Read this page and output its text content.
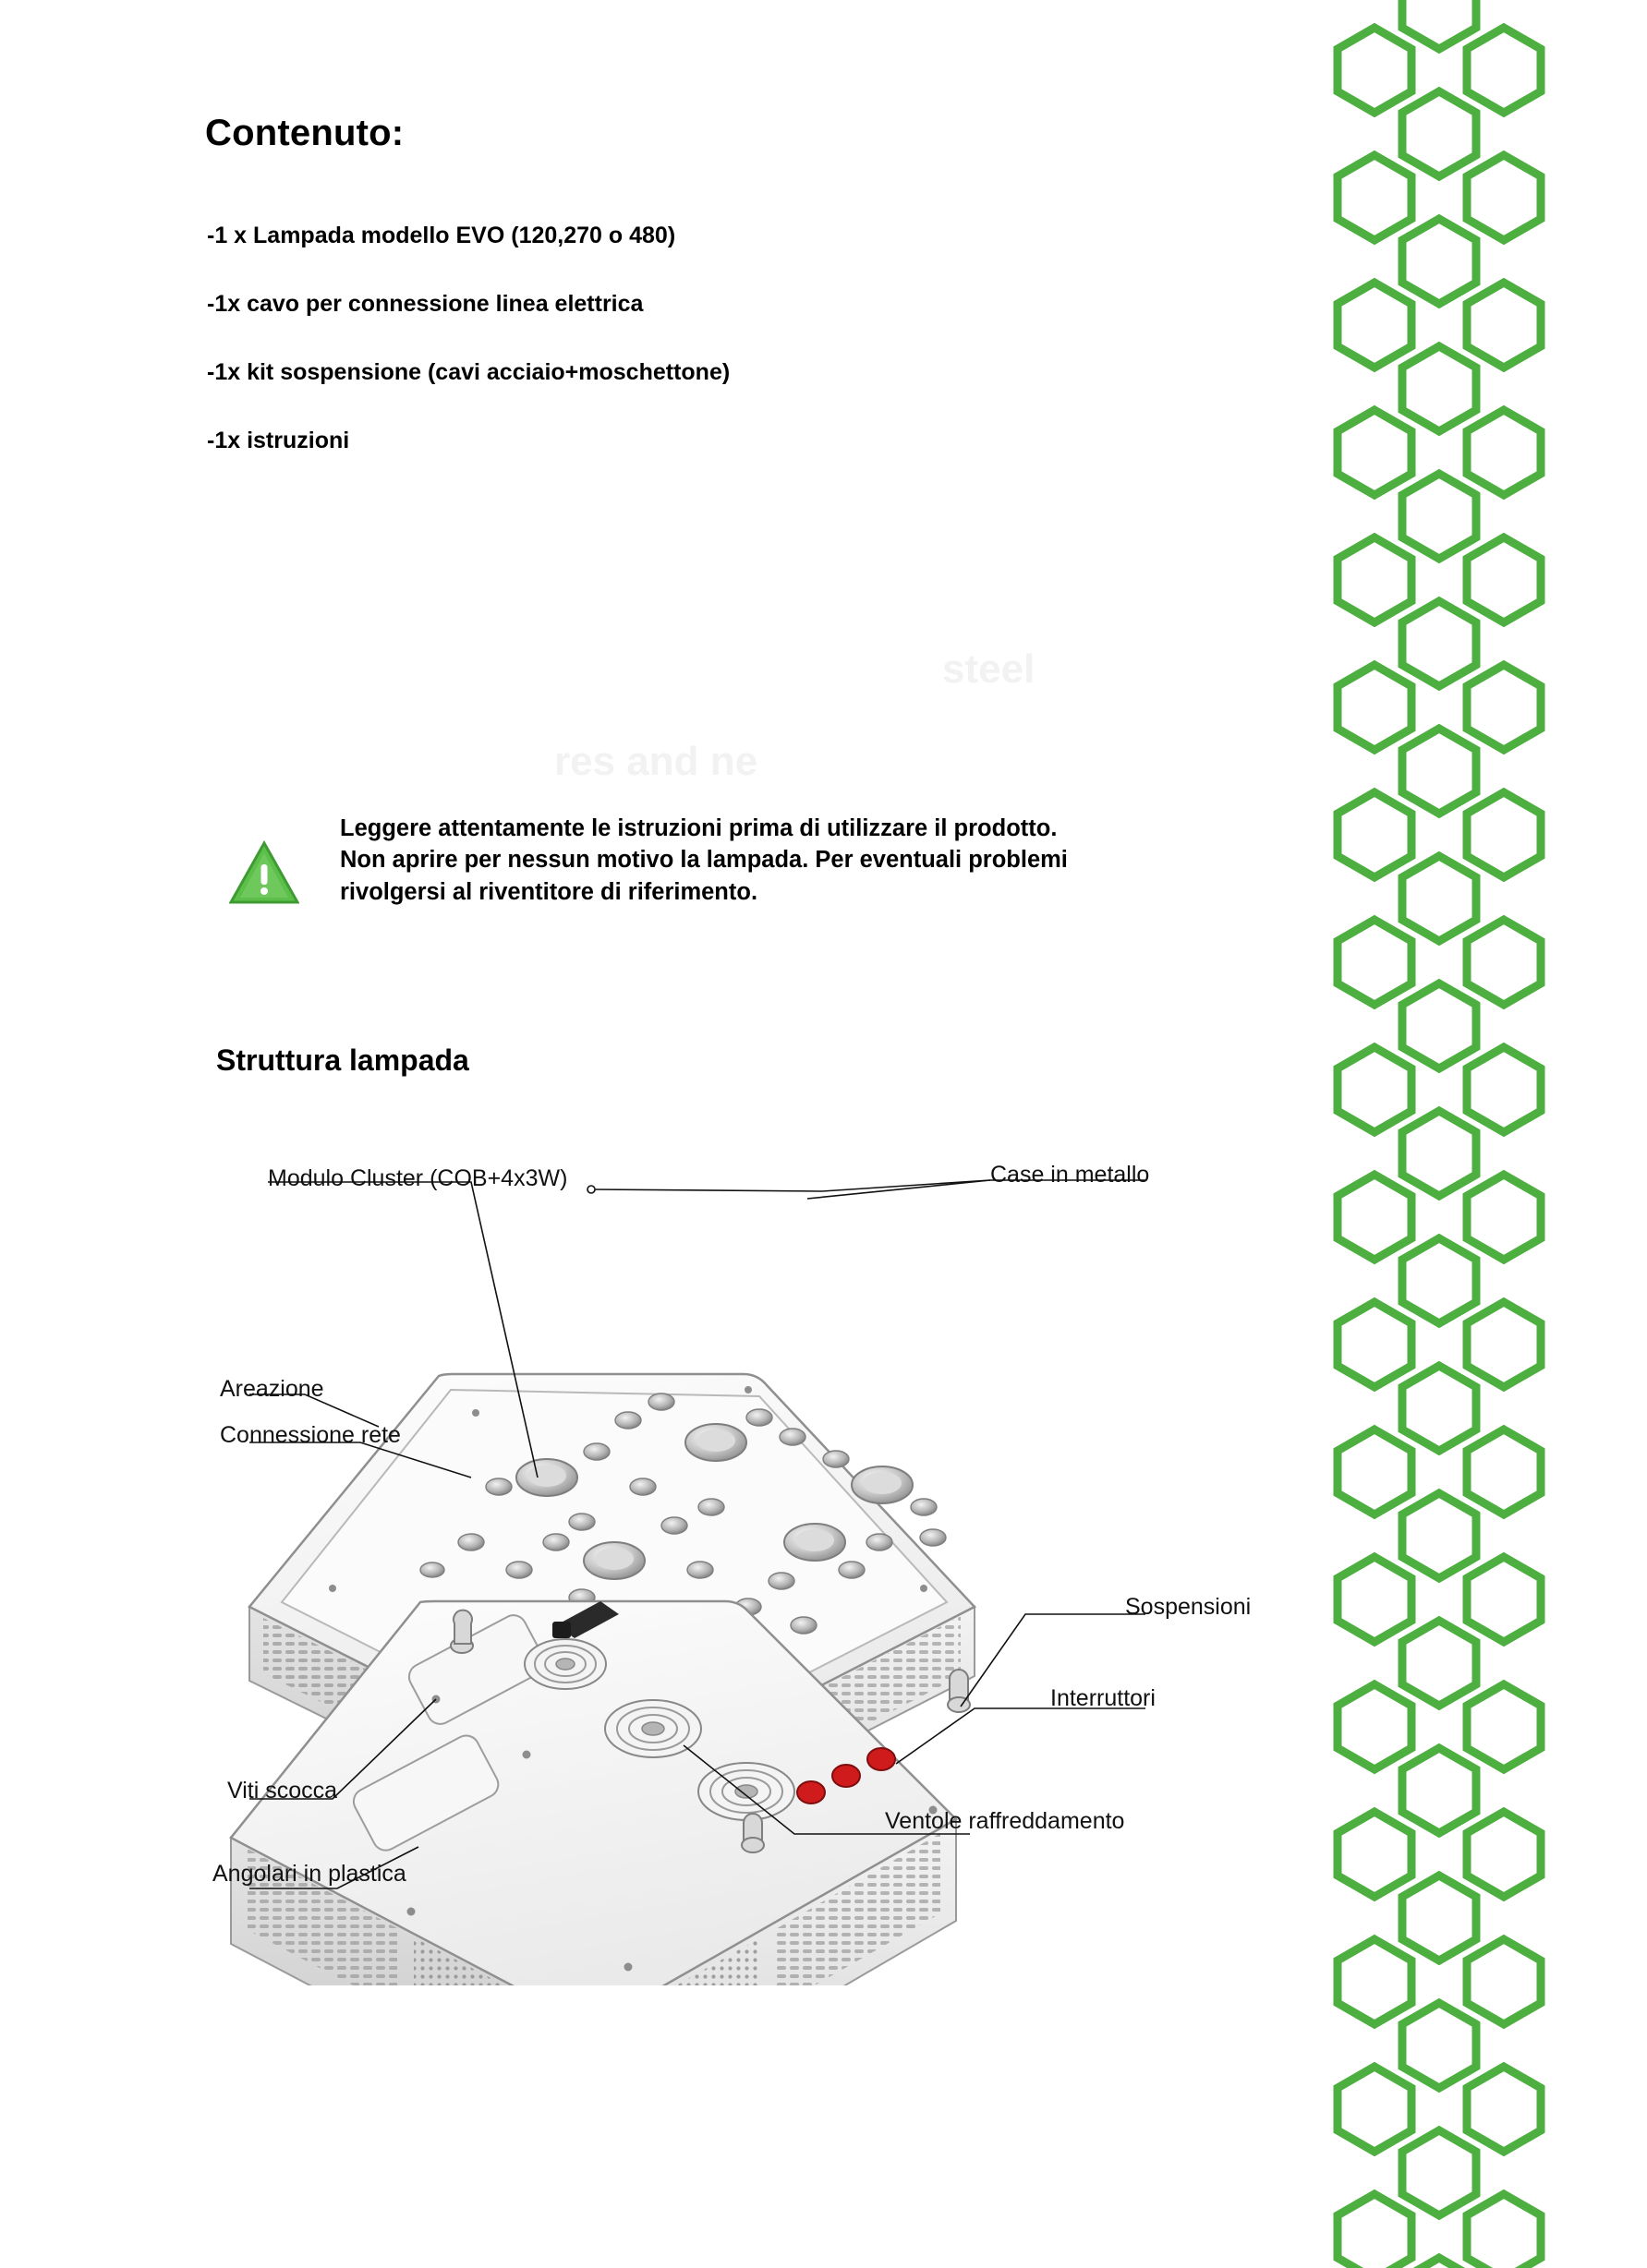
steel
res and ne
Contenuto:
-1 x Lampada modello EVO (120,270 o 480)
-1x cavo per connessione linea elettrica
-1x kit sospensione (cavi acciaio+moschettone)
-1x istruzioni
Leggere attentamente le istruzioni prima di utilizzare il prodotto.
Non aprire per nessun motivo la lampada. Per eventuali problemi
rivolgersi al riventitore di riferimento.
Struttura lampada
Modulo Cluster (COB+4x3W)	Case in metallo
Areazione
Connessione rete
Sospensioni
Interruttori
Ventole raffreddamento
Viti scocca
Angolari in plastica
